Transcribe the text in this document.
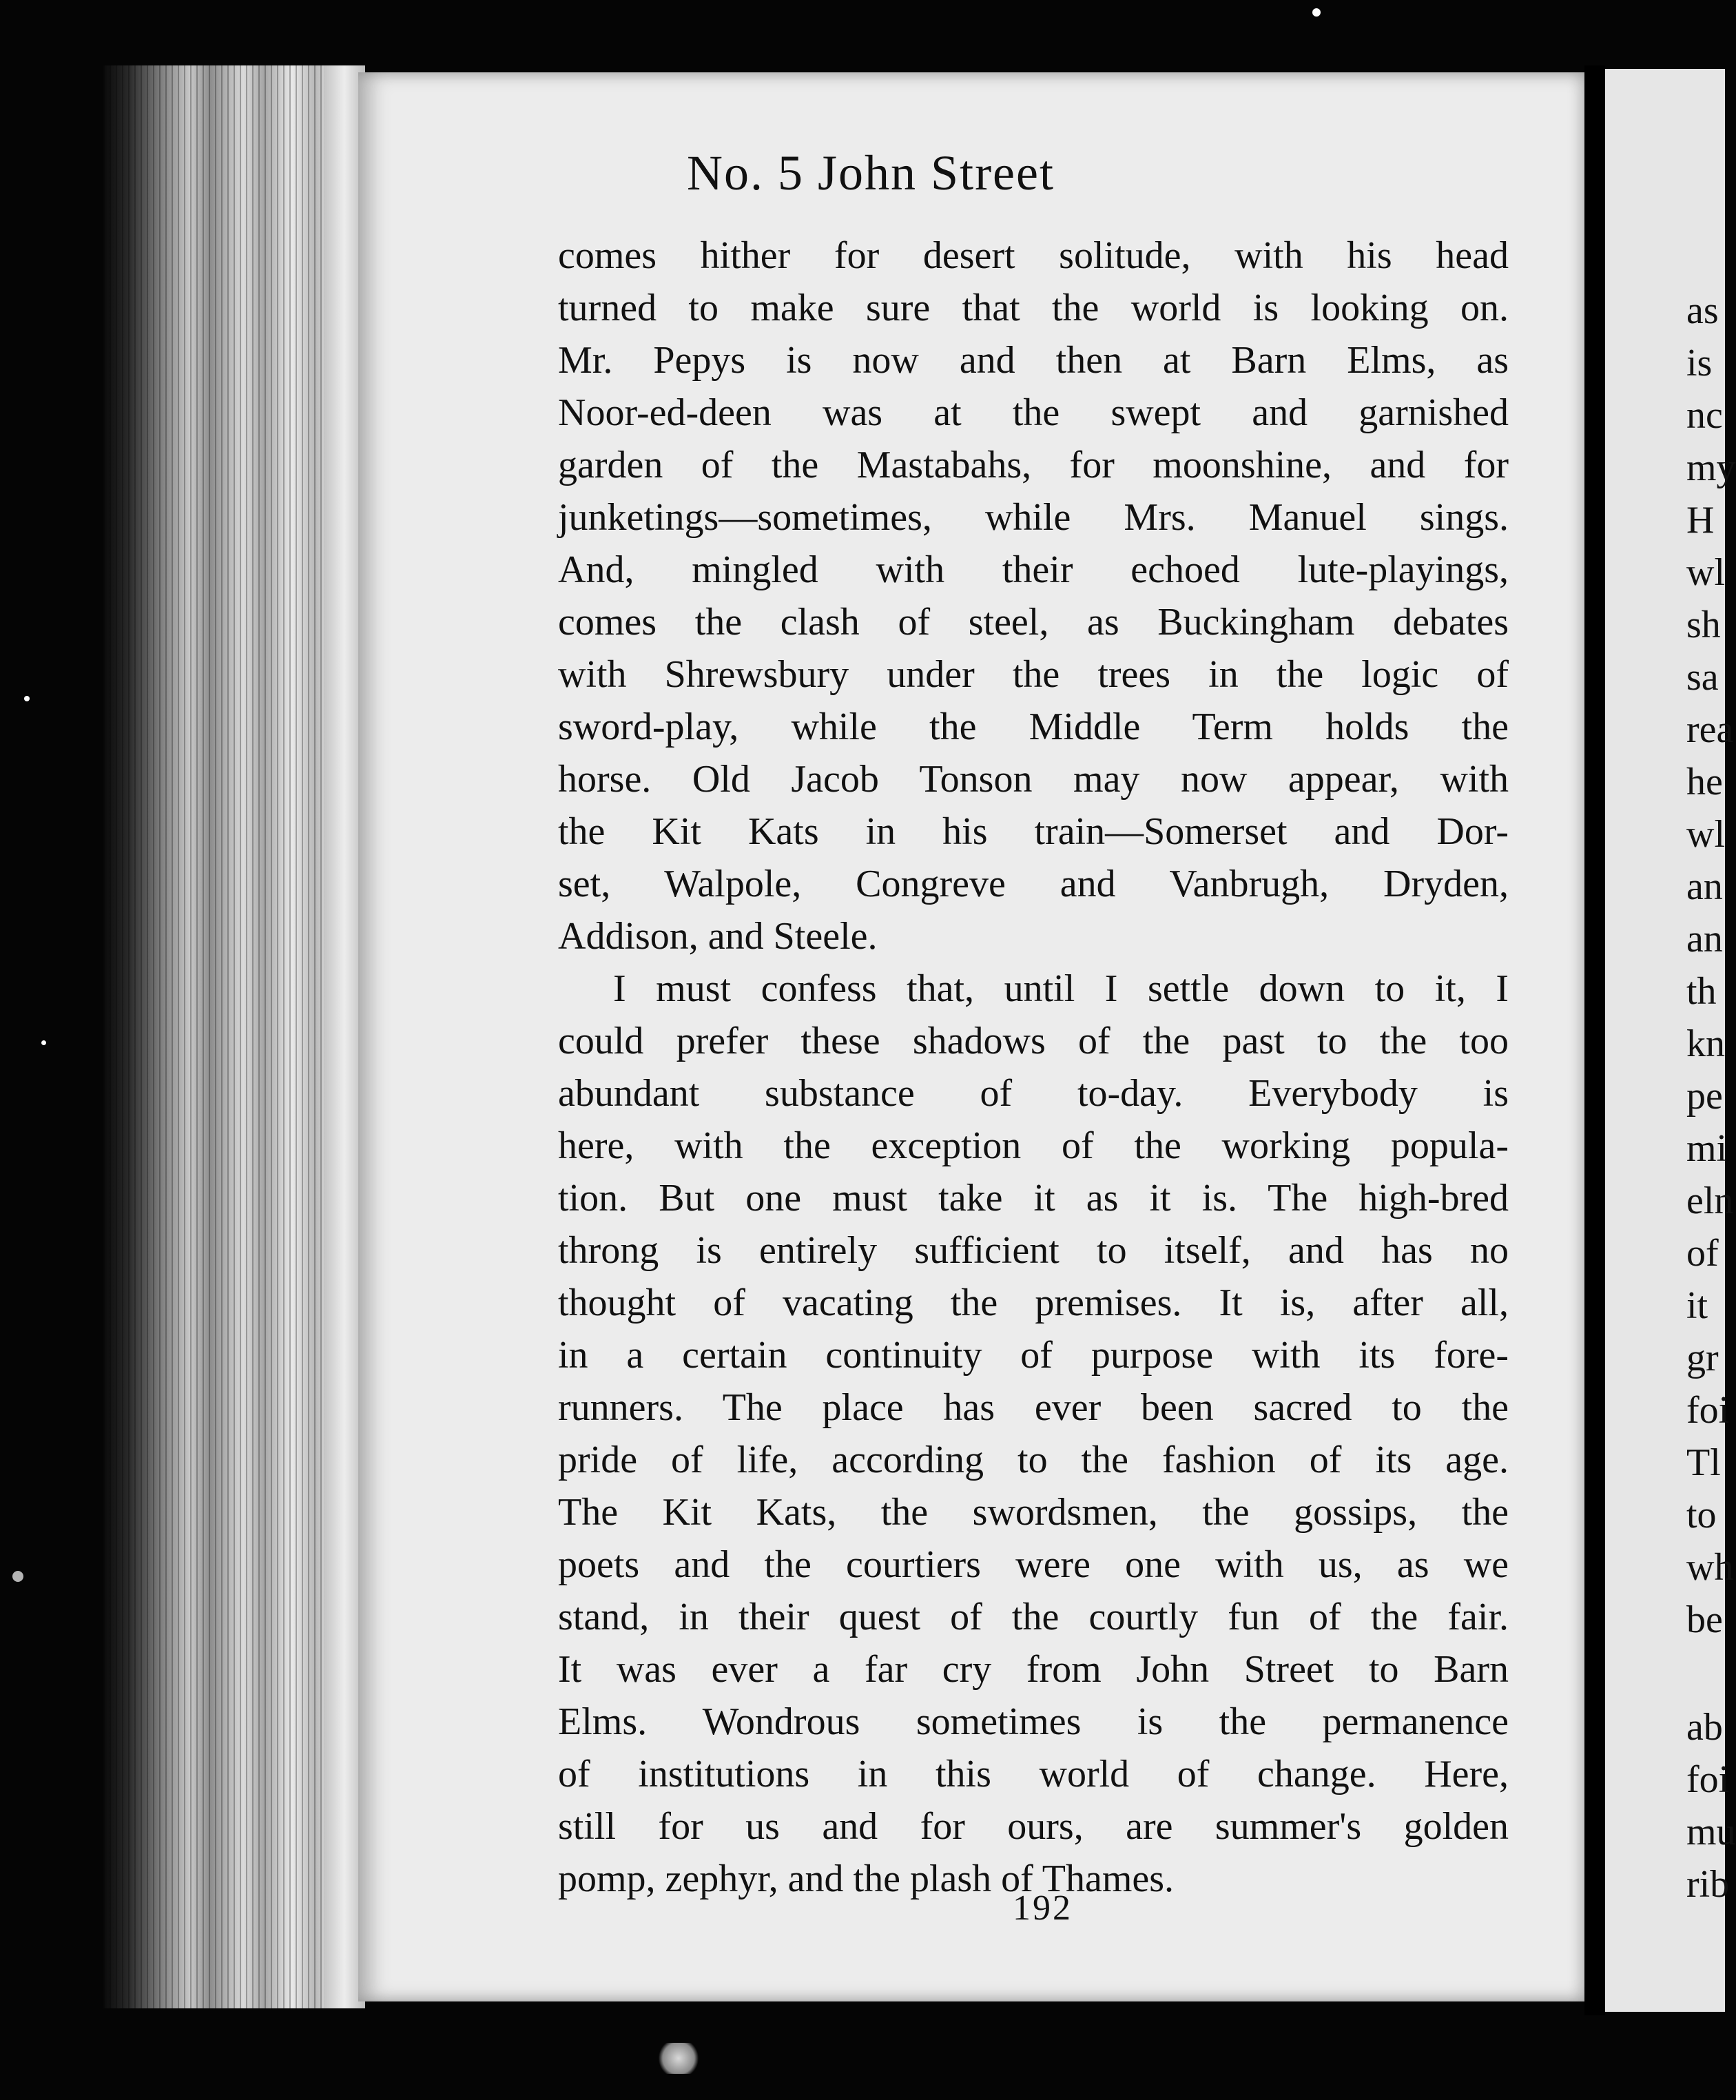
No. 5 John Street
comes hither for desert solitude, with his head
turned to make sure that the world is looking on.
Mr. Pepys is now and then at Barn Elms, as
Noor-ed-deen was at the swept and garnished
garden of the Mastabahs, for moonshine, and for
junketings—sometimes, while Mrs. Manuel sings.
And, mingled with their echoed lute-playings,
comes the clash of steel, as Buckingham debates
with Shrewsbury under the trees in the logic of
sword-play, while the Middle Term holds the
horse. Old Jacob Tonson may now appear, with
the Kit Kats in his train—Somerset and Dor-
set, Walpole, Congreve and Vanbrugh, Dryden,
Addison, and Steele.
I must confess that, until I settle down to it, I
could prefer these shadows of the past to the too
abundant substance of to-day. Everybody is
here, with the exception of the working popula-
tion. But one must take it as it is. The high-bred
throng is entirely sufficient to itself, and has no
thought of vacating the premises. It is, after all,
in a certain continuity of purpose with its fore-
runners. The place has ever been sacred to the
pride of life, according to the fashion of its age.
The Kit Kats, the swordsmen, the gossips, the
poets and the courtiers were one with us, as we
stand, in their quest of the courtly fun of the fair.
It was ever a far cry from John Street to Barn
Elms. Wondrous sometimes is the permanence
of institutions in this world of change. Here,
still for us and for ours, are summer's golden
pomp, zephyr, and the plash of Thames.
192
as
is
nc
my
H
wl
sh
sa
rea
he
wl
an
an
th
kn
pe
mi
eln
of
it
gr
foi
Tl
to
wh
be
ab
foi
mu
rib
